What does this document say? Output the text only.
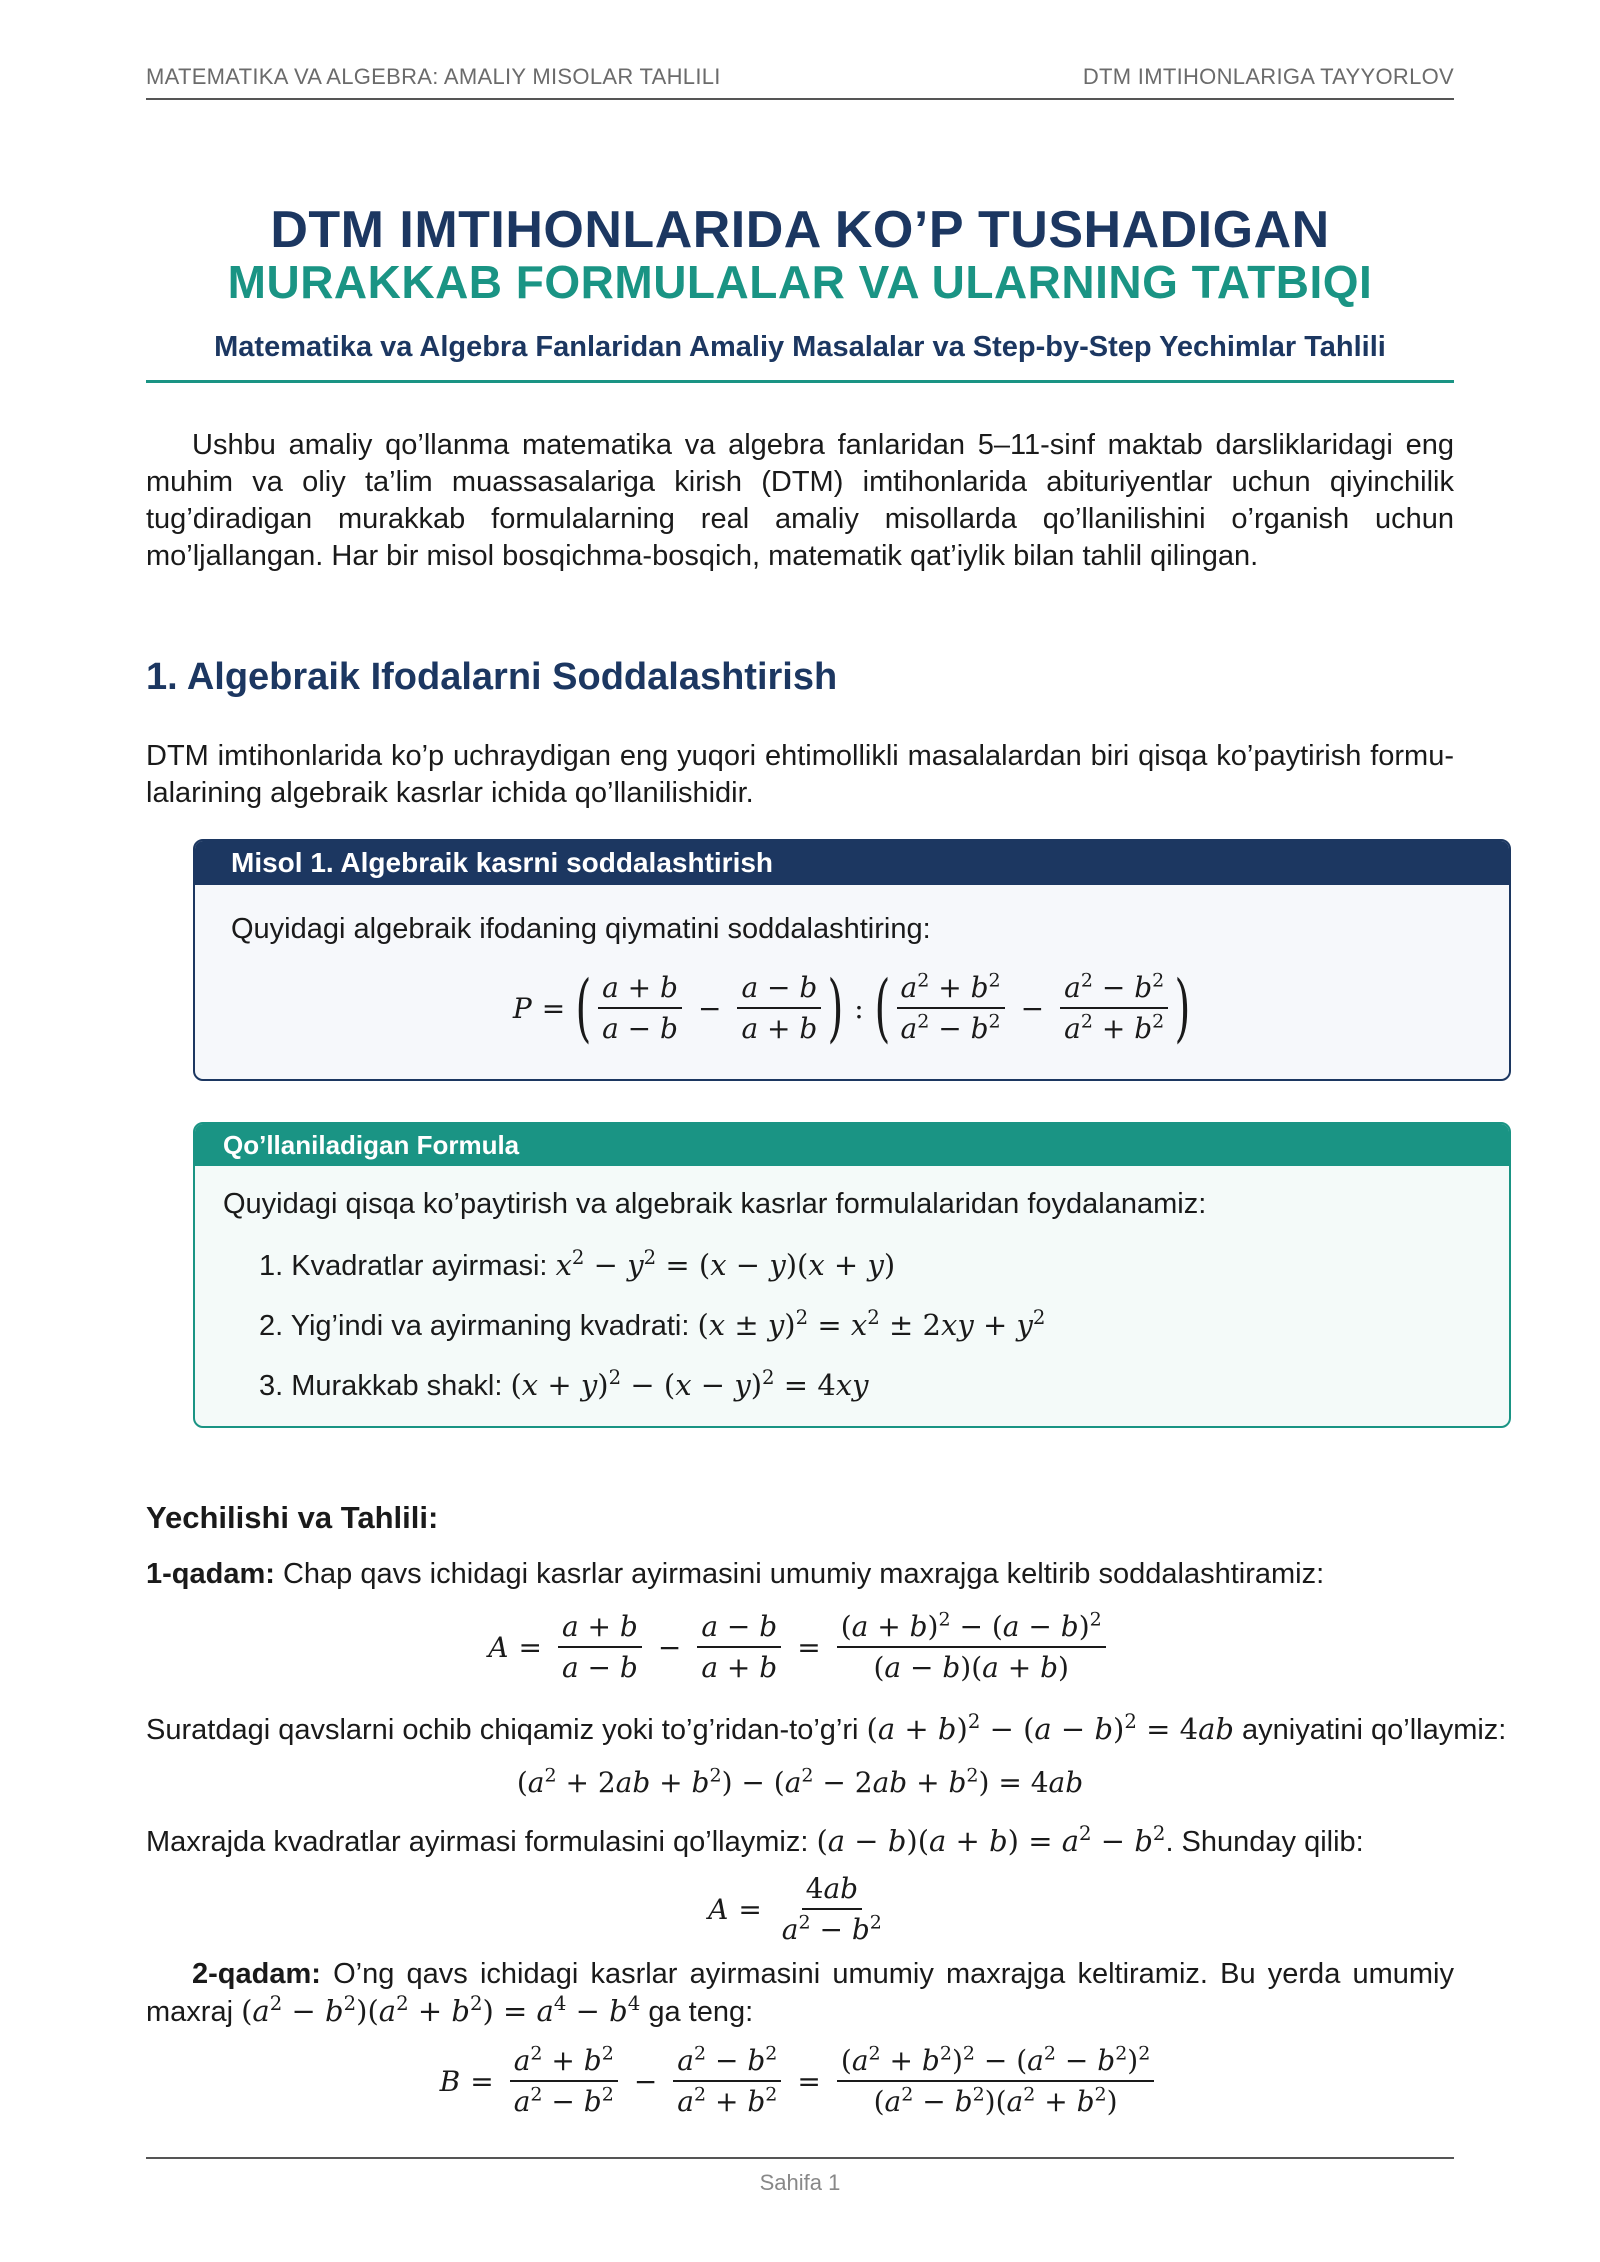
MATEMATIKA VA ALGEBRA: AMALIY MISOLAR TAHLILI	DTM IMTIHONLARIGA TAYYORLOV
DTM IMTIHONLARIDA KO’P TUSHADIGAN
MURAKKAB FORMULALAR VA ULARNING TATBIQI
Matematika va Algebra Fanlaridan Amaliy Masalalar va Step-by-Step Yechimlar Tahlili
Ushbu amaliy qo’llanma matematika va algebra fanlaridan 5–11-sinf maktab darsliklaridagi eng muhim va oliy ta’lim muassasalariga kirish (DTM) imtihonlarida abituriyentlar uchun qiyinchilik tug’diradigan murakkab formulalarning real amaliy misollarda qo’llanilishini o’rganish uchun mo’ljallangan. Har bir misol bosqichma-bosqich, matematik qat’iylik bilan tahlil qilingan.
1. Algebraik Ifodalarni Soddalashtirish
DTM imtihonlarida ko’p uchraydigan eng yuqori ehtimollikli masalalardan biri qisqa ko’paytirish formu-lalarining algebraik kasrlar ichida qo’llanilishidir.
Misol 1. Algebraik kasrni soddalashtirish
Quyidagi algebraik ifodaning qiymatini soddalashtiring:
P = ( $\frac{a + b}{a - b} - \frac{a - b}{a + b}$ ) : ( $\frac{a^2 + b^2}{a^2 - b^2} - \frac{a^2 - b^2}{a^2 + b^2}$ )
Qo’llaniladigan Formula
Quyidagi qisqa ko’paytirish va algebraik kasrlar formulalaridan foydalanamiz:
1. Kvadratlar ayirmasi: $x^2 - y^2 = (x - y)(x + y)$
2. Yig’indi va ayirmaning kvadrati: $(x \pm y)^2 = x^2 \pm 2xy + y^2$
3. Murakkab shakl: $(x + y)^2 - (x - y)^2 = 4xy$
Yechilishi va Tahlili:
1-qadam: Chap qavs ichidagi kasrlar ayirmasini umumiy maxrajga keltirib soddalashtiramiz:
$A = \frac{a + b}{a - b} - \frac{a - b}{a + b} = \frac{(a + b)^2 - (a - b)^2}{(a - b)(a + b)}$
Suratdagi qavslarni ochib chiqamiz yoki to’g’ridan-to’g’ri $(a + b)^2 - (a - b)^2 = 4ab$ ayniyatini qo’llaymiz:
$(a^2 + 2ab + b^2) - (a^2 - 2ab + b^2) = 4ab$
Maxrajda kvadratlar ayirmasi formulasini qo’llaymiz: $(a - b)(a + b) = a^2 - b^2$. Shunday qilib:
$A = \frac{4ab}{a^2 - b^2}$
2-qadam: O’ng qavs ichidagi kasrlar ayirmasini umumiy maxrajga keltiramiz. Bu yerda umumiy maxraj $(a^2 - b^2)(a^2 + b^2) = a^4 - b^4$ ga teng:
$B = \frac{a^2 + b^2}{a^2 - b^2} - \frac{a^2 - b^2}{a^2 + b^2} = \frac{(a^2 + b^2)^2 - (a^2 - b^2)^2}{(a^2 - b^2)(a^2 + b^2)}$
Sahifa 1
